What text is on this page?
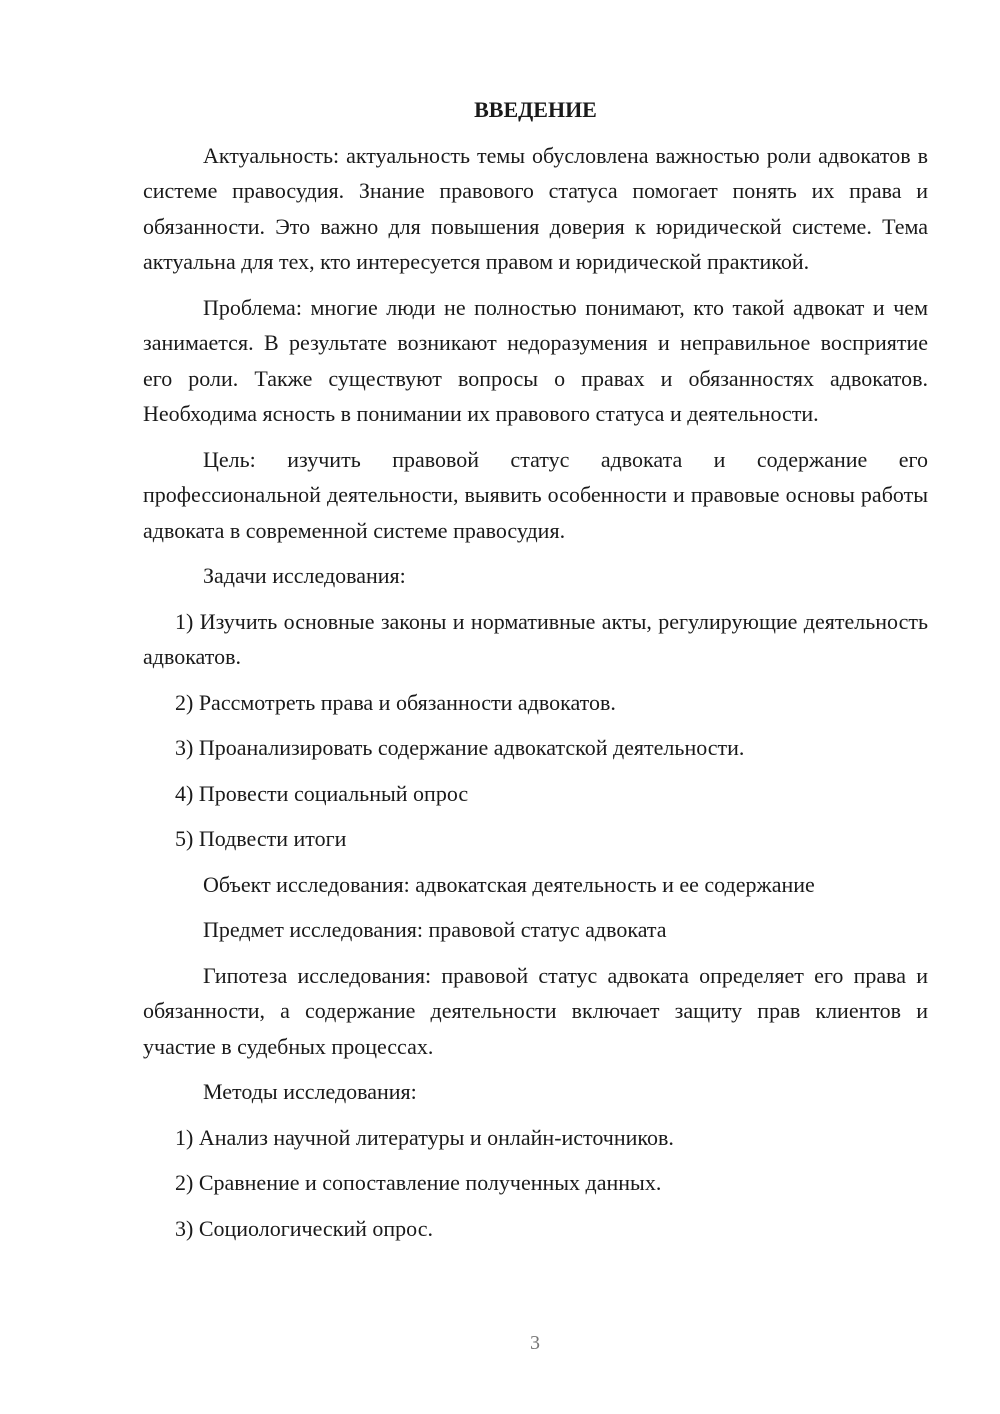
ВВЕДЕНИЕ

Актуальность: актуальность темы обусловлена важностью роли адвокатов в системе правосудия. Знание правового статуса помогает понять их права и обязанности. Это важно для повышения доверия к юридической системе. Тема актуальна для тех, кто интересуется правом и юридической практикой.

Проблема: многие люди не полностью понимают, кто такой адвокат и чем занимается. В результате возникают недоразумения и неправильное восприятие его роли. Также существуют вопросы о правах и обязанностях адвокатов. Необходима ясность в понимании их правового статуса и деятельности.

Цель: изучить правовой статус адвоката и содержание его профессиональной деятельности, выявить особенности и правовые основы работы адвоката в современной системе правосудия.

Задачи исследования:

1) Изучить основные законы и нормативные акты, регулирующие деятельность адвокатов.

2) Рассмотреть права и обязанности адвокатов.

3) Проанализировать содержание адвокатской деятельности.

4) Провести социальный опрос

5) Подвести итоги

Объект исследования: адвокатская деятельность и ее содержание

Предмет исследования: правовой статус адвоката

Гипотеза исследования: правовой статус адвоката определяет его права и обязанности, а содержание деятельности включает защиту прав клиентов и участие в судебных процессах.

Методы исследования:

1) Анализ научной литературы и онлайн-источников.

2) Сравнение и сопоставление полученных данных.

3) Социологический опрос.

3
